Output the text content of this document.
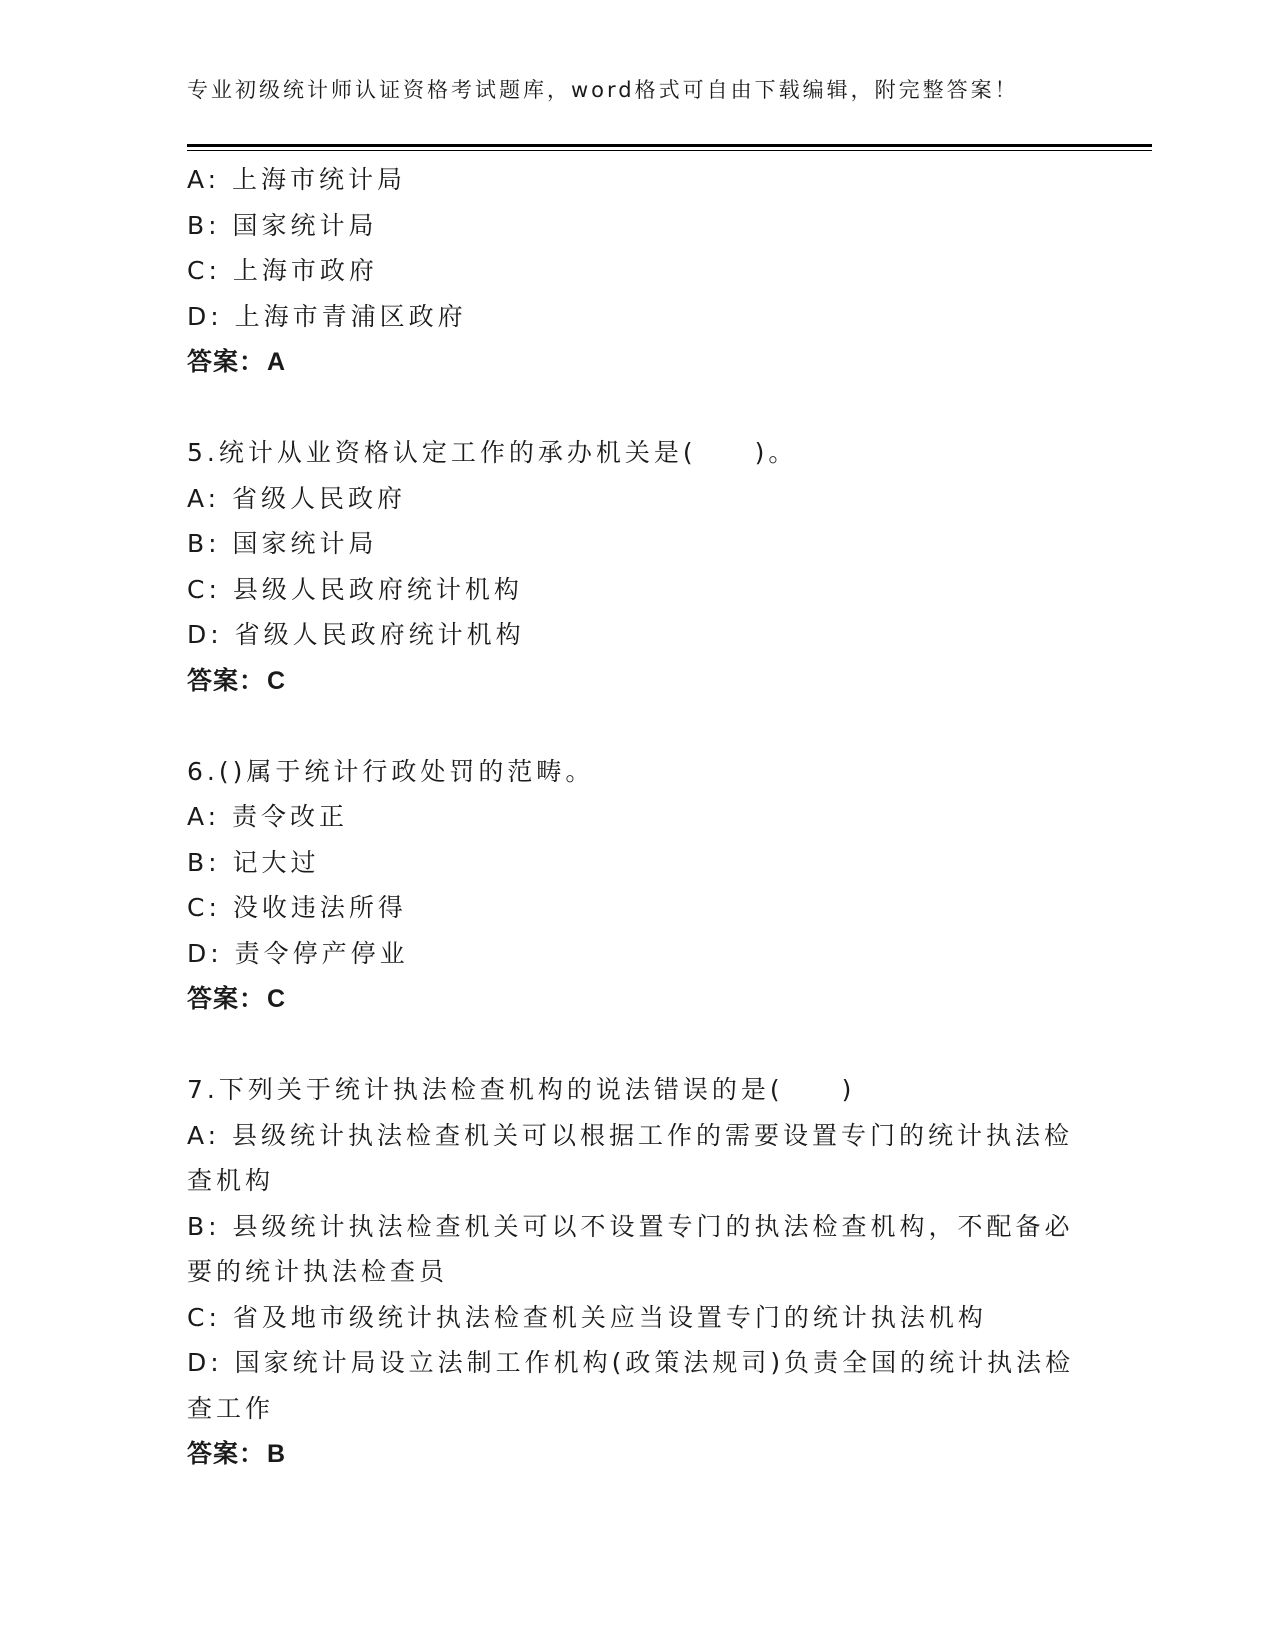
专业初级统计师认证资格考试题库，word格式可自由下载编辑，附完整答案！
A: 上海市统计局
B: 国家统计局
C: 上海市政府
D: 上海市青浦区政府
答案：A
5.统计从业资格认定工作的承办机关是(　　)。
A: 省级人民政府
B: 国家统计局
C: 县级人民政府统计机构
D: 省级人民政府统计机构
答案：C
6.()属于统计行政处罚的范畴。
A: 责令改正
B: 记大过
C: 没收违法所得
D: 责令停产停业
答案：C
7.下列关于统计执法检查机构的说法错误的是(　　)
A: 县级统计执法检查机关可以根据工作的需要设置专门的统计执法检查机构
B: 县级统计执法检查机关可以不设置专门的执法检查机构，不配备必要的统计执法检查员
C: 省及地市级统计执法检查机关应当设置专门的统计执法机构
D: 国家统计局设立法制工作机构(政策法规司)负责全国的统计执法检查工作
答案：B
